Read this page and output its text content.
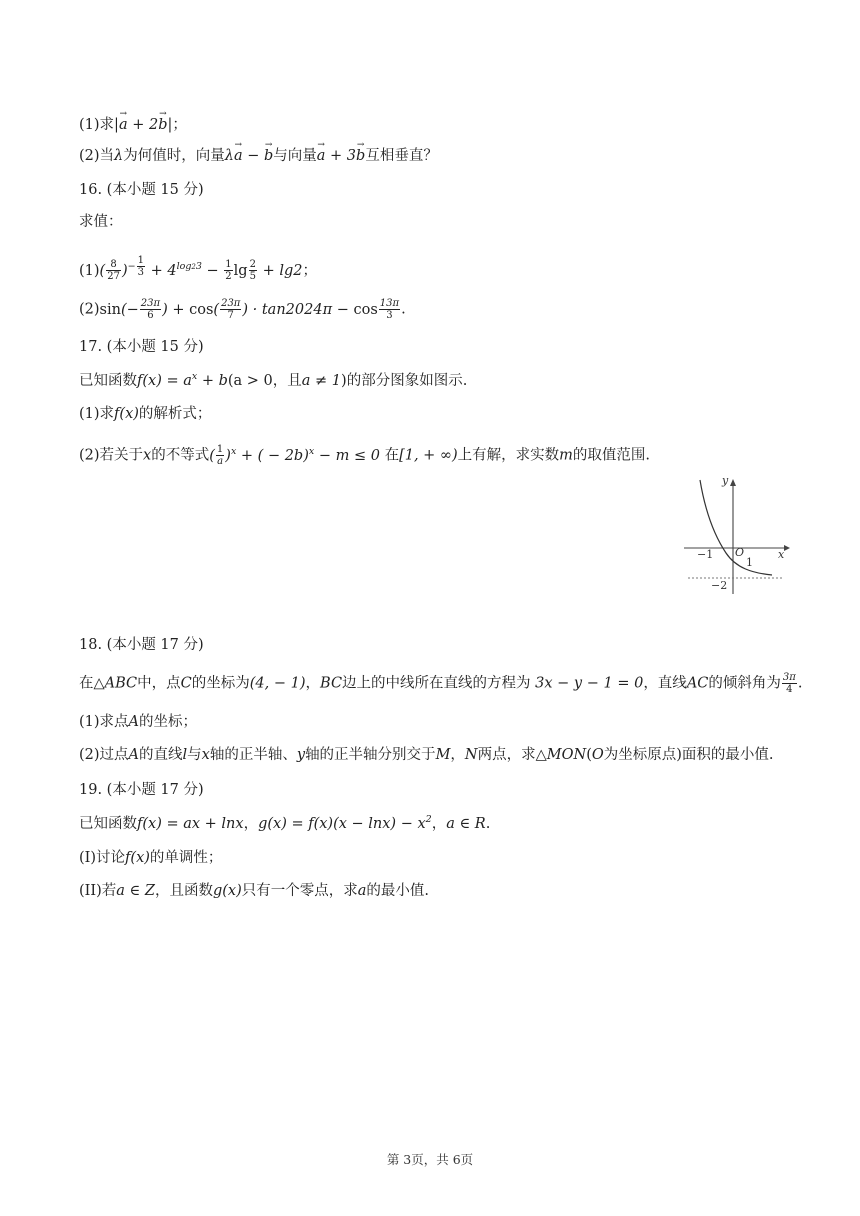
(1)求|a → + 2b →|；
(2)当λ为何值时，向量λa → − b →与向量a → + 3b →互相垂直？
16. (本小题 15 分)
求值：
$(1)( \frac{8}{27} )^{- \frac{1}{3}} + 4^{log23} - \frac{1}{2}$ $\lg \frac{2}{5} + \lg 2$；
$(2)\sin(- \frac{23\pi}{6}$ ) + $\cos( \frac{23\pi}{7}$ ) · $\tan 2024\pi - \cos \frac{13\pi}{3}$ .
17. (本小题 15 分)
已知函数$f(x) = a^x + b(a > 0$，且a ≠ 1)的部分图象如图示.
(1)求f(x)的解析式；
(2)若关于x的不等式( $\frac{1}{a} )^x$ + ( − 2b)$^x$ − m ≤ 0 在[1, + ∞)上有解，求实数m的取值范围.
y
x
O
−1
1
−2
18. (本小题 17 分)
在△ABC中，点C的坐标为(4, − 1)，BC边上的中线所在直线的方程为 3x − y − 1 = 0，直线AC的倾斜角为 $\frac{3\pi}{4}$ .
(1)求点A的坐标；
(2)过点A的直线l与x轴的正半轴、y轴的正半轴分别交于M，N两点，求△MON(O为坐标原点)面积的最小值.
19. (本小题 17 分)
已知函数f(x) = ax + lnx，$g(x) = f(x)(x - \ln x) - x^2$，a ∈ R.
(I)讨论f(x)的单调性；
(II)若a ∈ Z，且函数g(x)只有一个零点，求a的最小值.
第 3页，共 6页
